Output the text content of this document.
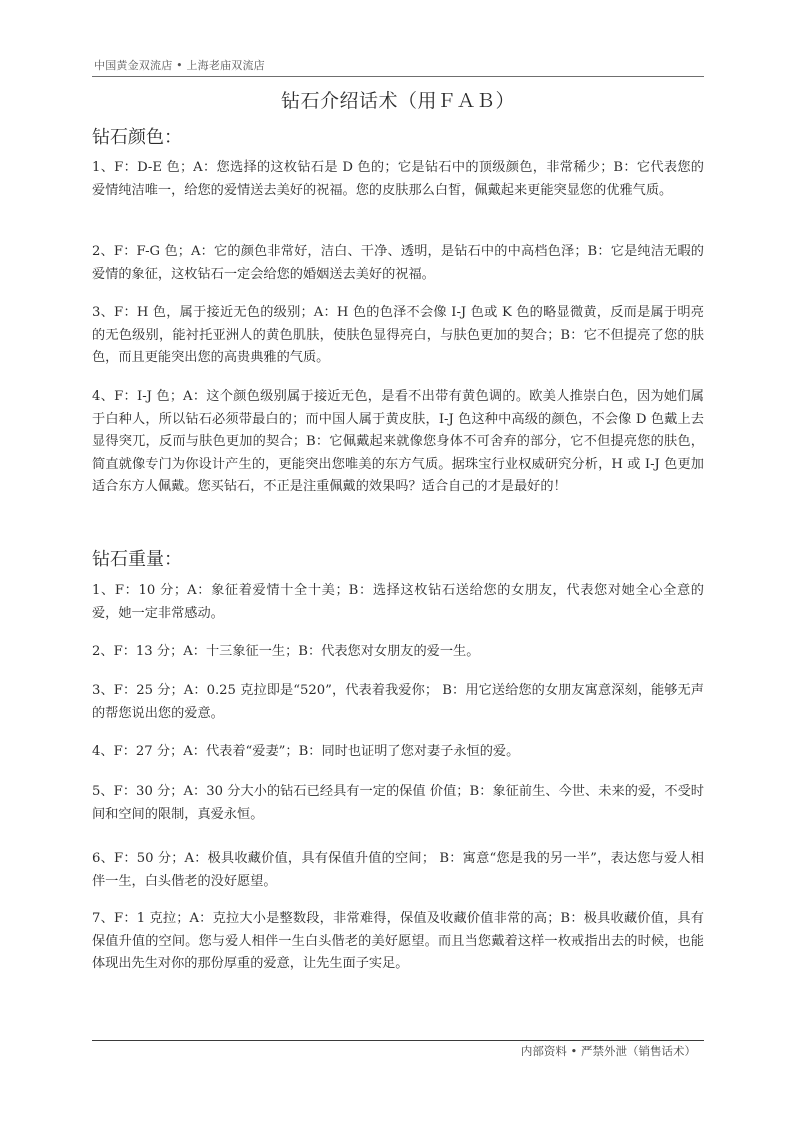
中国黄金双流店 • 上海老庙双流店
钻石介绍话术（用ＦＡＢ）
钻石颜色：

1、F：D-E 色；A：您选择的这枚钻石是 D 色的；它是钻石中的顶级颜色，非常稀少；B：它代表您的爱情纯洁唯一，给您的爱情送去美好的祝福。您的皮肤那么白皙，佩戴起来更能突显您的优雅气质。

2、F：F-G 色；A：它的颜色非常好，洁白、干净、透明，是钻石中的中高档色泽；B：它是纯洁无暇的爱情的象征，这枚钻石一定会给您的婚姻送去美好的祝福。

3、F：H 色，属于接近无色的级别；A：H 色的色泽不会像 I-J 色或 K 色的略显微黄，反而是属于明亮的无色级别，能衬托亚洲人的黄色肌肤，使肤色显得亮白，与肤色更加的契合；B：它不但提亮了您的肤色，而且更能突出您的高贵典雅的气质。

4、F：I-J 色；A：这个颜色级别属于接近无色，是看不出带有黄色调的。欧美人推崇白色，因为她们属于白种人，所以钻石必须带最白的；而中国人属于黄皮肤，I-J 色这种中高级的颜色，不会像 D 色戴上去显得突兀，反而与肤色更加的契合；B：它佩戴起来就像您身体不可舍弃的部分，它不但提亮您的肤色，简直就像专门为你设计产生的，更能突出您唯美的东方气质。据珠宝行业权威研究分析，H 或 I-J 色更加适合东方人佩戴。您买钻石，不正是注重佩戴的效果吗？适合自己的才是最好的！

钻石重量：

1、F：10 分；A：象征着爱情十全十美；B：选择这枚钻石送给您的女朋友，代表您对她全心全意的 爱，她一定非常感动。

2、F：13 分；A：十三象征一生；B：代表您对女朋友的爱一生。

3、F：25 分；A：0.25 克拉即是“520”，代表着我爱你； B：用它送给您的女朋友寓意深刻，能够无声的帮您说出您的爱意。

4、F：27 分；A：代表着“爱妻”；B：同时也证明了您对妻子永恒的爱。

5、F：30 分；A：30 分大小的钻石已经具有一定的保值 价值；B：象征前生、今世、未来的爱，不受时间和空间的限制，真爱永恒。

6、F：50 分；A：极具收藏价值，具有保值升值的空间； B：寓意“您是我的另一半”，表达您与爱人相伴一生，白头偕老的没好愿望。

7、F：1 克拉；A：克拉大小是整数段，非常难得，保值及收藏价值非常的高；B：极具收藏价值，具有保值升值的空间。您与爱人相伴一生白头偕老的美好愿望。而且当您戴着这样一枚戒指出去的时候，也能体现出先生对你的那份厚重的爱意，让先生面子实足。

内部资料 • 严禁外泄（销售话术）
